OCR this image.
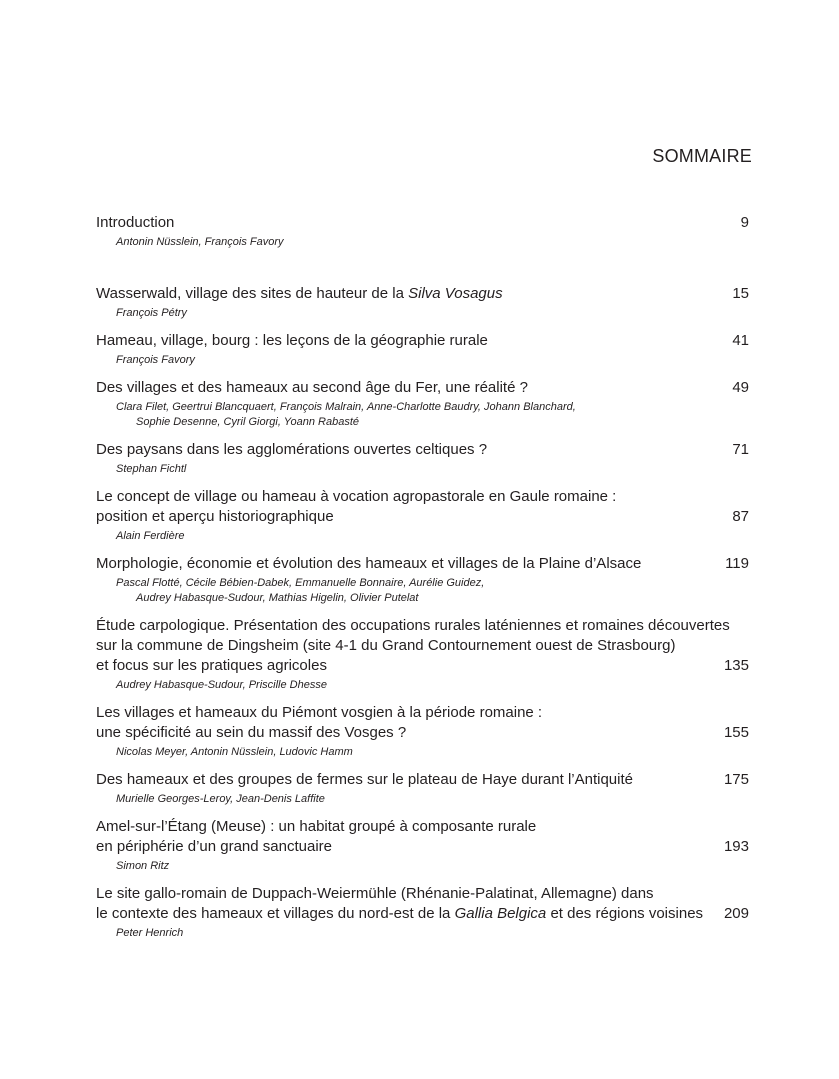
SOMMAIRE
Introduction	9
Antonin Nüsslein, François Favory
Wasserwald, village des sites de hauteur de la Silva Vosagus	15
François Pétry
Hameau, village, bourg : les leçons de la géographie rurale	41
François Favory
Des villages et des hameaux au second âge du Fer, une réalité ?	49
Clara Filet, Geertrui Blancquaert, François Malrain, Anne-Charlotte Baudry, Johann Blanchard,
Sophie Desenne, Cyril Giorgi, Yoann Rabasté
Des paysans dans les agglomérations ouvertes celtiques ?	71
Stephan Fichtl
Le concept de village ou hameau à vocation agropastorale en Gaule romaine :
position et aperçu historiographique	87
Alain Ferdière
Morphologie, économie et évolution des hameaux et villages de la Plaine d’Alsace	119
Pascal Flotté, Cécile Bébien-Dabek, Emmanuelle Bonnaire, Aurélie Guidez,
Audrey Habasque-Sudour, Mathias Higelin, Olivier Putelat
Étude carpologique. Présentation des occupations rurales laténiennes et romaines découvertes
sur la commune de Dingsheim (site 4-1 du Grand Contournement ouest de Strasbourg)
et focus sur les pratiques agricoles	135
Audrey Habasque-Sudour, Priscille Dhesse
Les villages et hameaux du Piémont vosgien à la période romaine :
une spécificité au sein du massif des Vosges ?	155
Nicolas Meyer, Antonin Nüsslein, Ludovic Hamm
Des hameaux et des groupes de fermes sur le plateau de Haye durant l’Antiquité	175
Murielle Georges-Leroy, Jean-Denis Laffite
Amel-sur-l’Étang (Meuse) : un habitat groupé à composante rurale
en périphérie d’un grand sanctuaire	193
Simon Ritz
Le site gallo-romain de Duppach-Weiermühle (Rhénanie-Palatinat, Allemagne) dans
le contexte des hameaux et villages du nord-est de la Gallia Belgica et des régions voisines 209
Peter Henrich
